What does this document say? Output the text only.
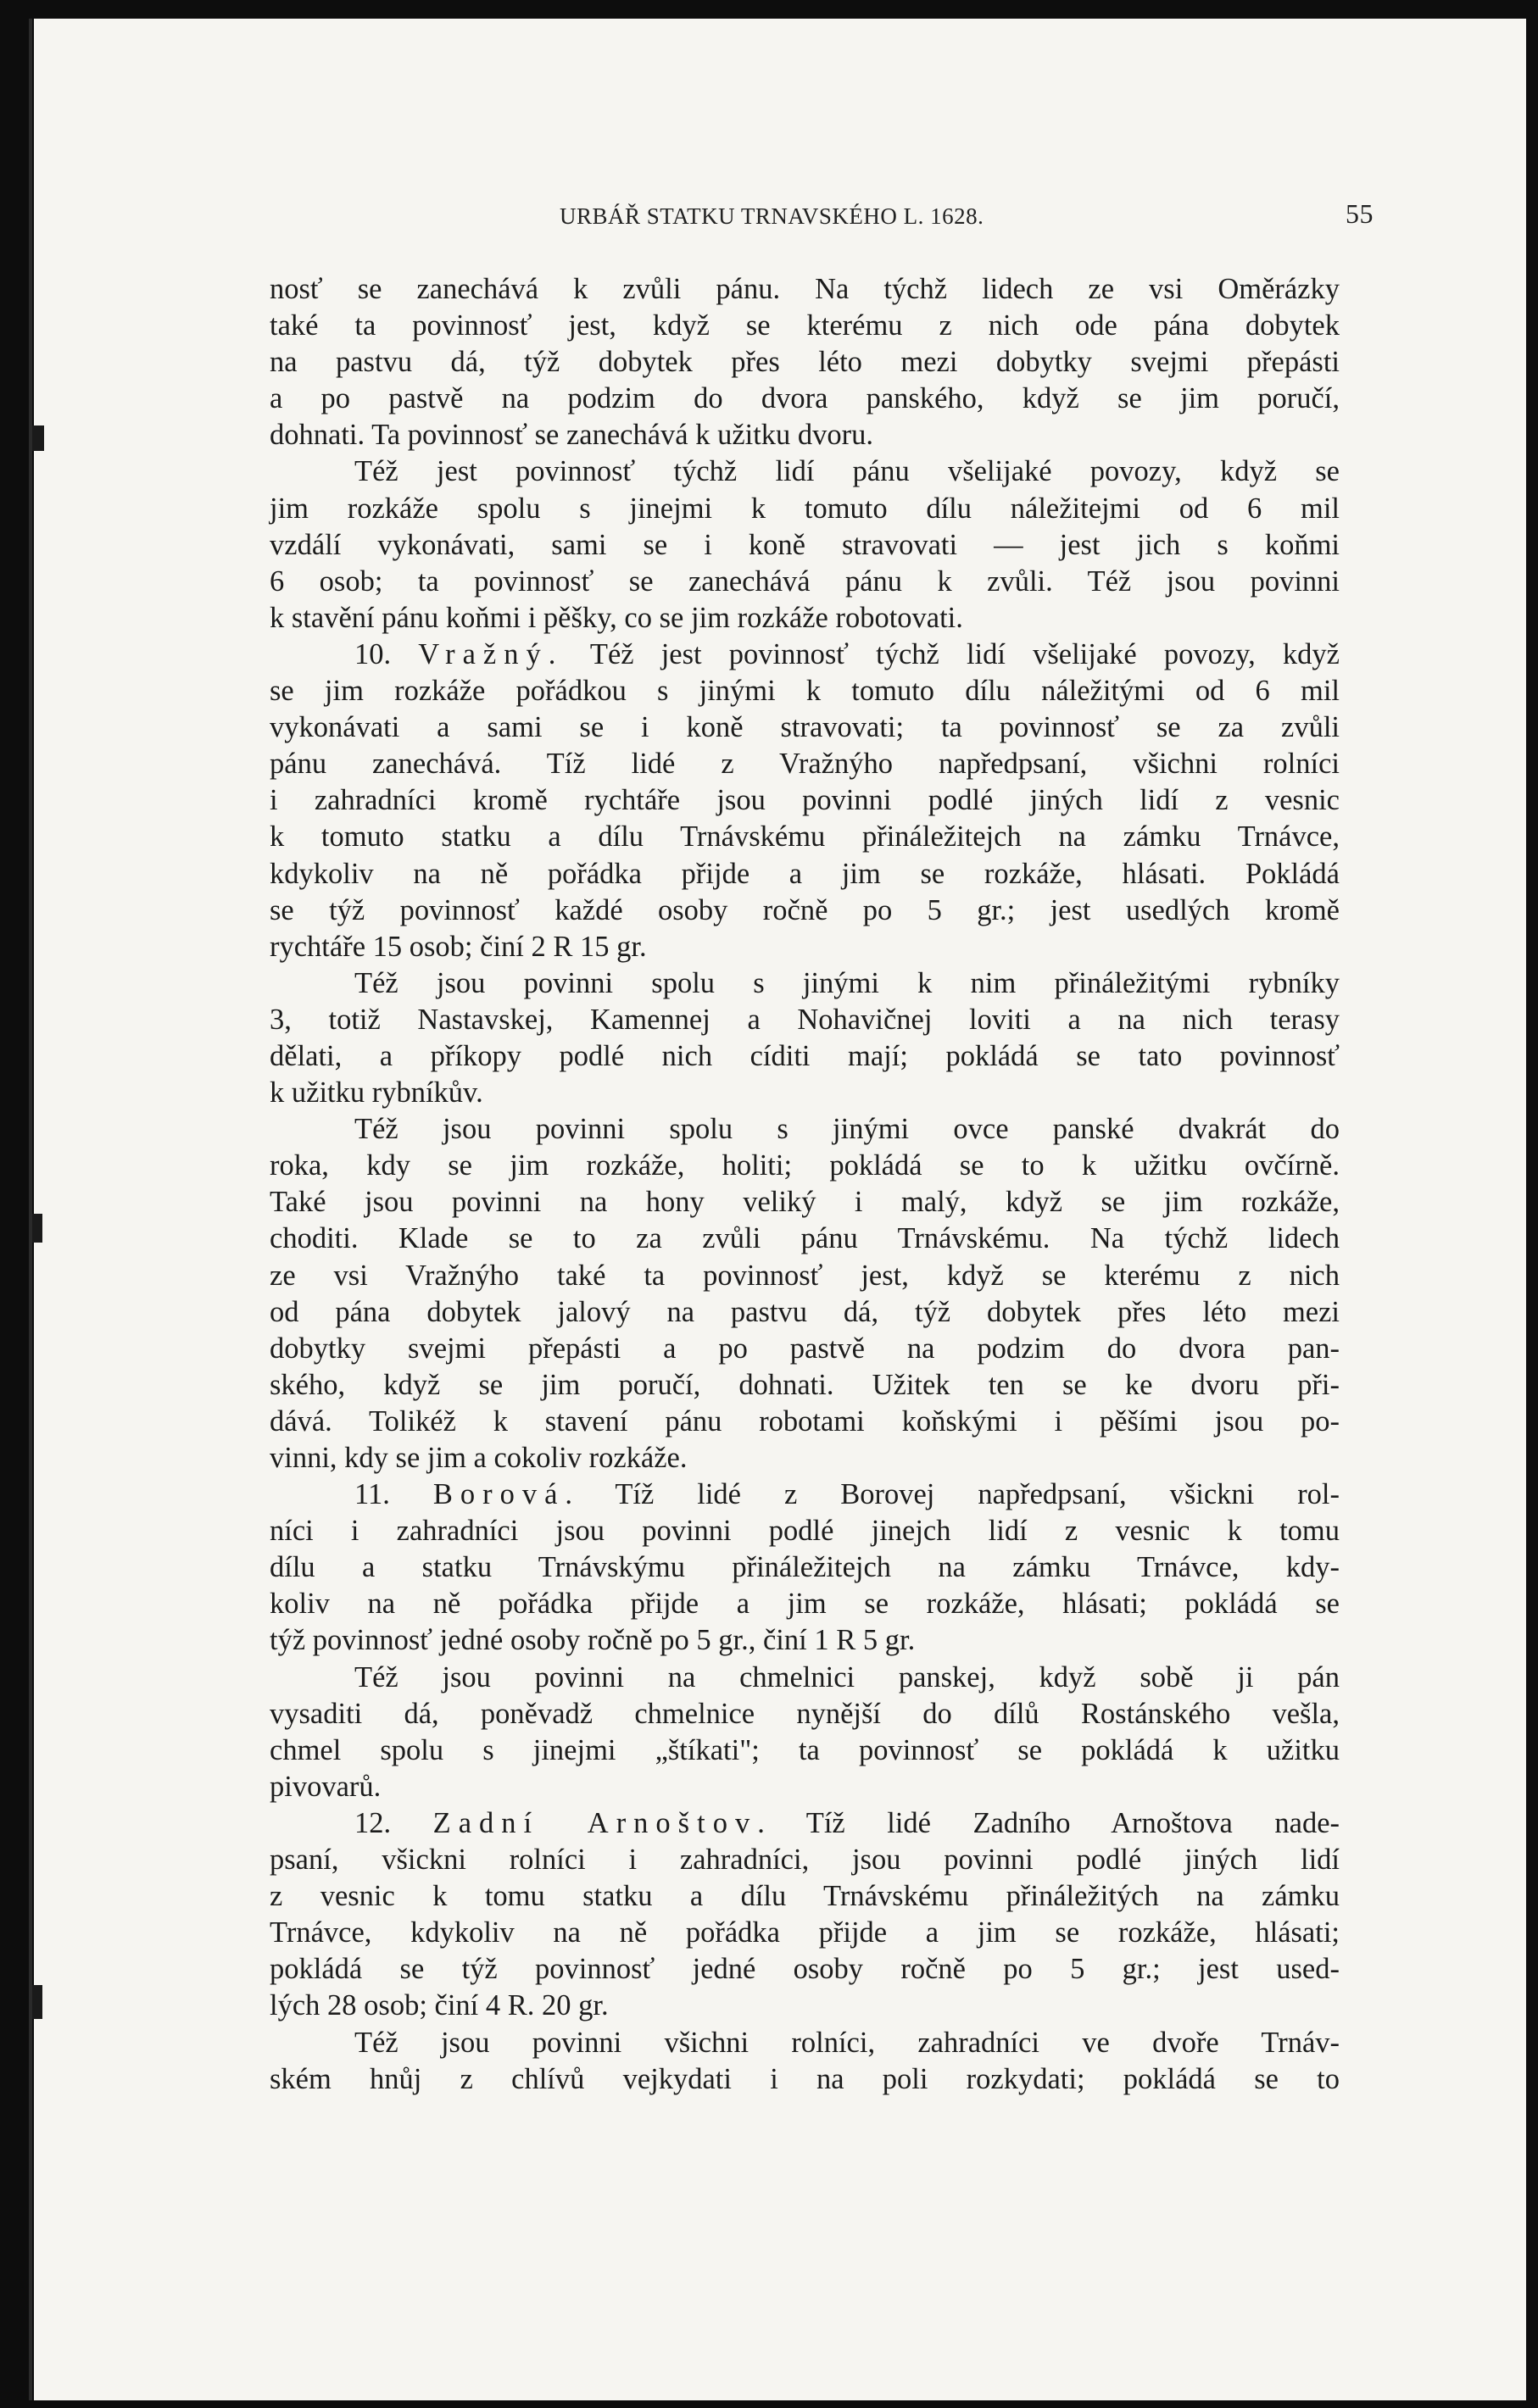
URBÁŘ STATKU TRNAVSKÉHO L. 1628.	55
nosť se zanechává k zvůli pánu. Na týchž lidech ze vsi Oměrázky
také ta povinnosť jest, když se kterému z nich ode pána dobytek
na pastvu dá, týž dobytek přes léto mezi dobytky svejmi přepásti
a po pastvě na podzim do dvora panského, když se jim poručí,
dohnati. Ta povinnosť se zanechává k užitku dvoru.
Též jest povinnosť týchž lidí pánu všelijaké povozy, když se
jim rozkáže spolu s jinejmi k tomuto dílu náležitejmi od 6 mil
vzdálí vykonávati, sami se i koně stravovati — jest jich s koňmi
6 osob; ta povinnosť se zanechává pánu k zvůli. Též jsou povinni
k stavění pánu koňmi i pěšky, co se jim rozkáže robotovati.
10. Vražný. Též jest povinnosť týchž lidí všelijaké povozy, když
se jim rozkáže pořádkou s jinými k tomuto dílu náležitými od 6 mil
vykonávati a sami se i koně stravovati; ta povinnosť se za zvůli
pánu zanechává. Tíž lidé z Vražnýho napředpsaní, všichni rolníci
i zahradníci kromě rychtáře jsou povinni podlé jiných lidí z vesnic
k tomuto statku a dílu Trnávskému přináležitejch na zámku Trnávce,
kdykoliv na ně pořádka přijde a jim se rozkáže, hlásati. Pokládá
se týž povinnosť každé osoby ročně po 5 gr.; jest usedlých kromě
rychtáře 15 osob; činí 2 R 15 gr.
Též jsou povinni spolu s jinými k nim přináležitými rybníky
3, totiž Nastavskej, Kamennej a Nohavičnej loviti a na nich terasy
dělati, a příkopy podlé nich cíditi mají; pokládá se tato povinnosť
k užitku rybníkův.
Též jsou povinni spolu s jinými ovce panské dvakrát do
roka, kdy se jim rozkáže, holiti; pokládá se to k užitku ovčírně.
Také jsou povinni na hony veliký i malý, když se jim rozkáže,
choditi. Klade se to za zvůli pánu Trnávskému. Na týchž lidech
ze vsi Vražnýho také ta povinnosť jest, když se kterému z nich
od pána dobytek jalový na pastvu dá, týž dobytek přes léto mezi
dobytky svejmi přepásti a po pastvě na podzim do dvora pan-
ského, když se jim poručí, dohnati. Užitek ten se ke dvoru při-
dává. Tolikéž k stavení pánu robotami koňskými i pěšími jsou po-
vinni, kdy se jim a cokoliv rozkáže.
11. Borová. Tíž lidé z Borovej napředpsaní, všickni rol-
níci i zahradníci jsou povinni podlé jinejch lidí z vesnic k tomu
dílu a statku Trnávskýmu přináležitejch na zámku Trnávce, kdy-
koliv na ně pořádka přijde a jim se rozkáže, hlásati; pokládá se
týž povinnosť jedné osoby ročně po 5 gr., činí 1 R 5 gr.
Též jsou povinni na chmelnici panskej, když sobě ji pán
vysaditi dá, poněvadž chmelnice nynější do dílů Rostánského vešla,
chmel spolu s jinejmi „štíkati"; ta povinnosť se pokládá k užitku
pivovarů.
12. Zadní Arnoštov. Tíž lidé Zadního Arnoštova nade-
psaní, všickni rolníci i zahradníci, jsou povinni podlé jiných lidí
z vesnic k tomu statku a dílu Trnávskému přináležitých na zámku
Trnávce, kdykoliv na ně pořádka přijde a jim se rozkáže, hlásati;
pokládá se týž povinnosť jedné osoby ročně po 5 gr.; jest used-
lých 28 osob; činí 4 R. 20 gr.
Též jsou povinni všichni rolníci, zahradníci ve dvoře Trnáv-
ském hnůj z chlívů vejkydati i na poli rozkydati; pokládá se to
